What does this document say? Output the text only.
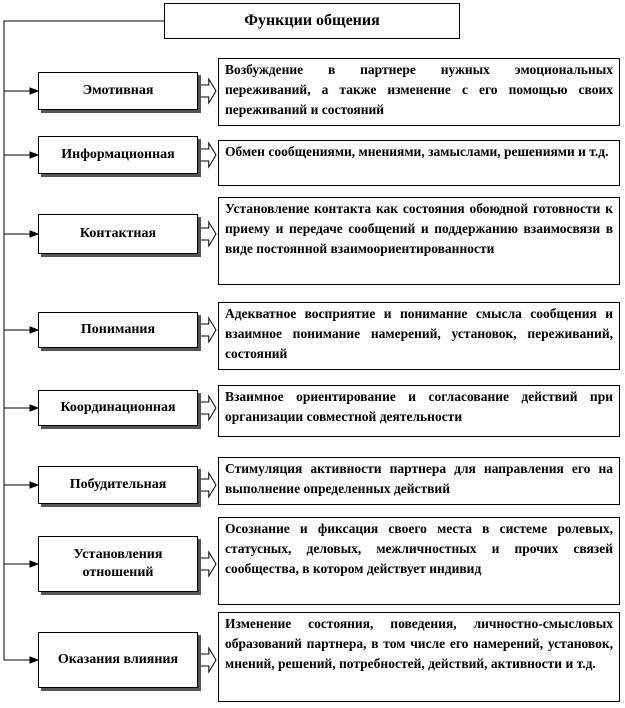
Функции общения
Эмотивная
Возбуждение в партнере нужных эмоциональных переживаний, а также изменение с его помощью своих переживаний и состояний
Информационная	Обмен сообщениями, мнениями, замыслами, решениями и т.д.
Контактная
Установление контакта как состояния обоюдной готовности к приему и передаче сообщений и поддержанию взаимосвязи в виде постоянной взаимоориентированности
Понимания
Адекватное восприятие и понимание смысла сообщения и взаимное понимание намерений, установок, переживаний, состояний
Координационная
Взаимное ориентирование и согласование действий при организации совместной деятельности
Побудительная
Стимуляция активности партнера для направления его на выполнение определенных действий
Установления отношений
Осознание и фиксация своего места в системе ролевых, статусных, деловых, межличностных и прочих связей сообщества, в котором действует индивид
Оказания влияния
Изменение состояния, поведения, личностно-смысловых образований партнера, в том числе его намерений, установок, мнений, решений, потребностей, действий, активности и т.д.
